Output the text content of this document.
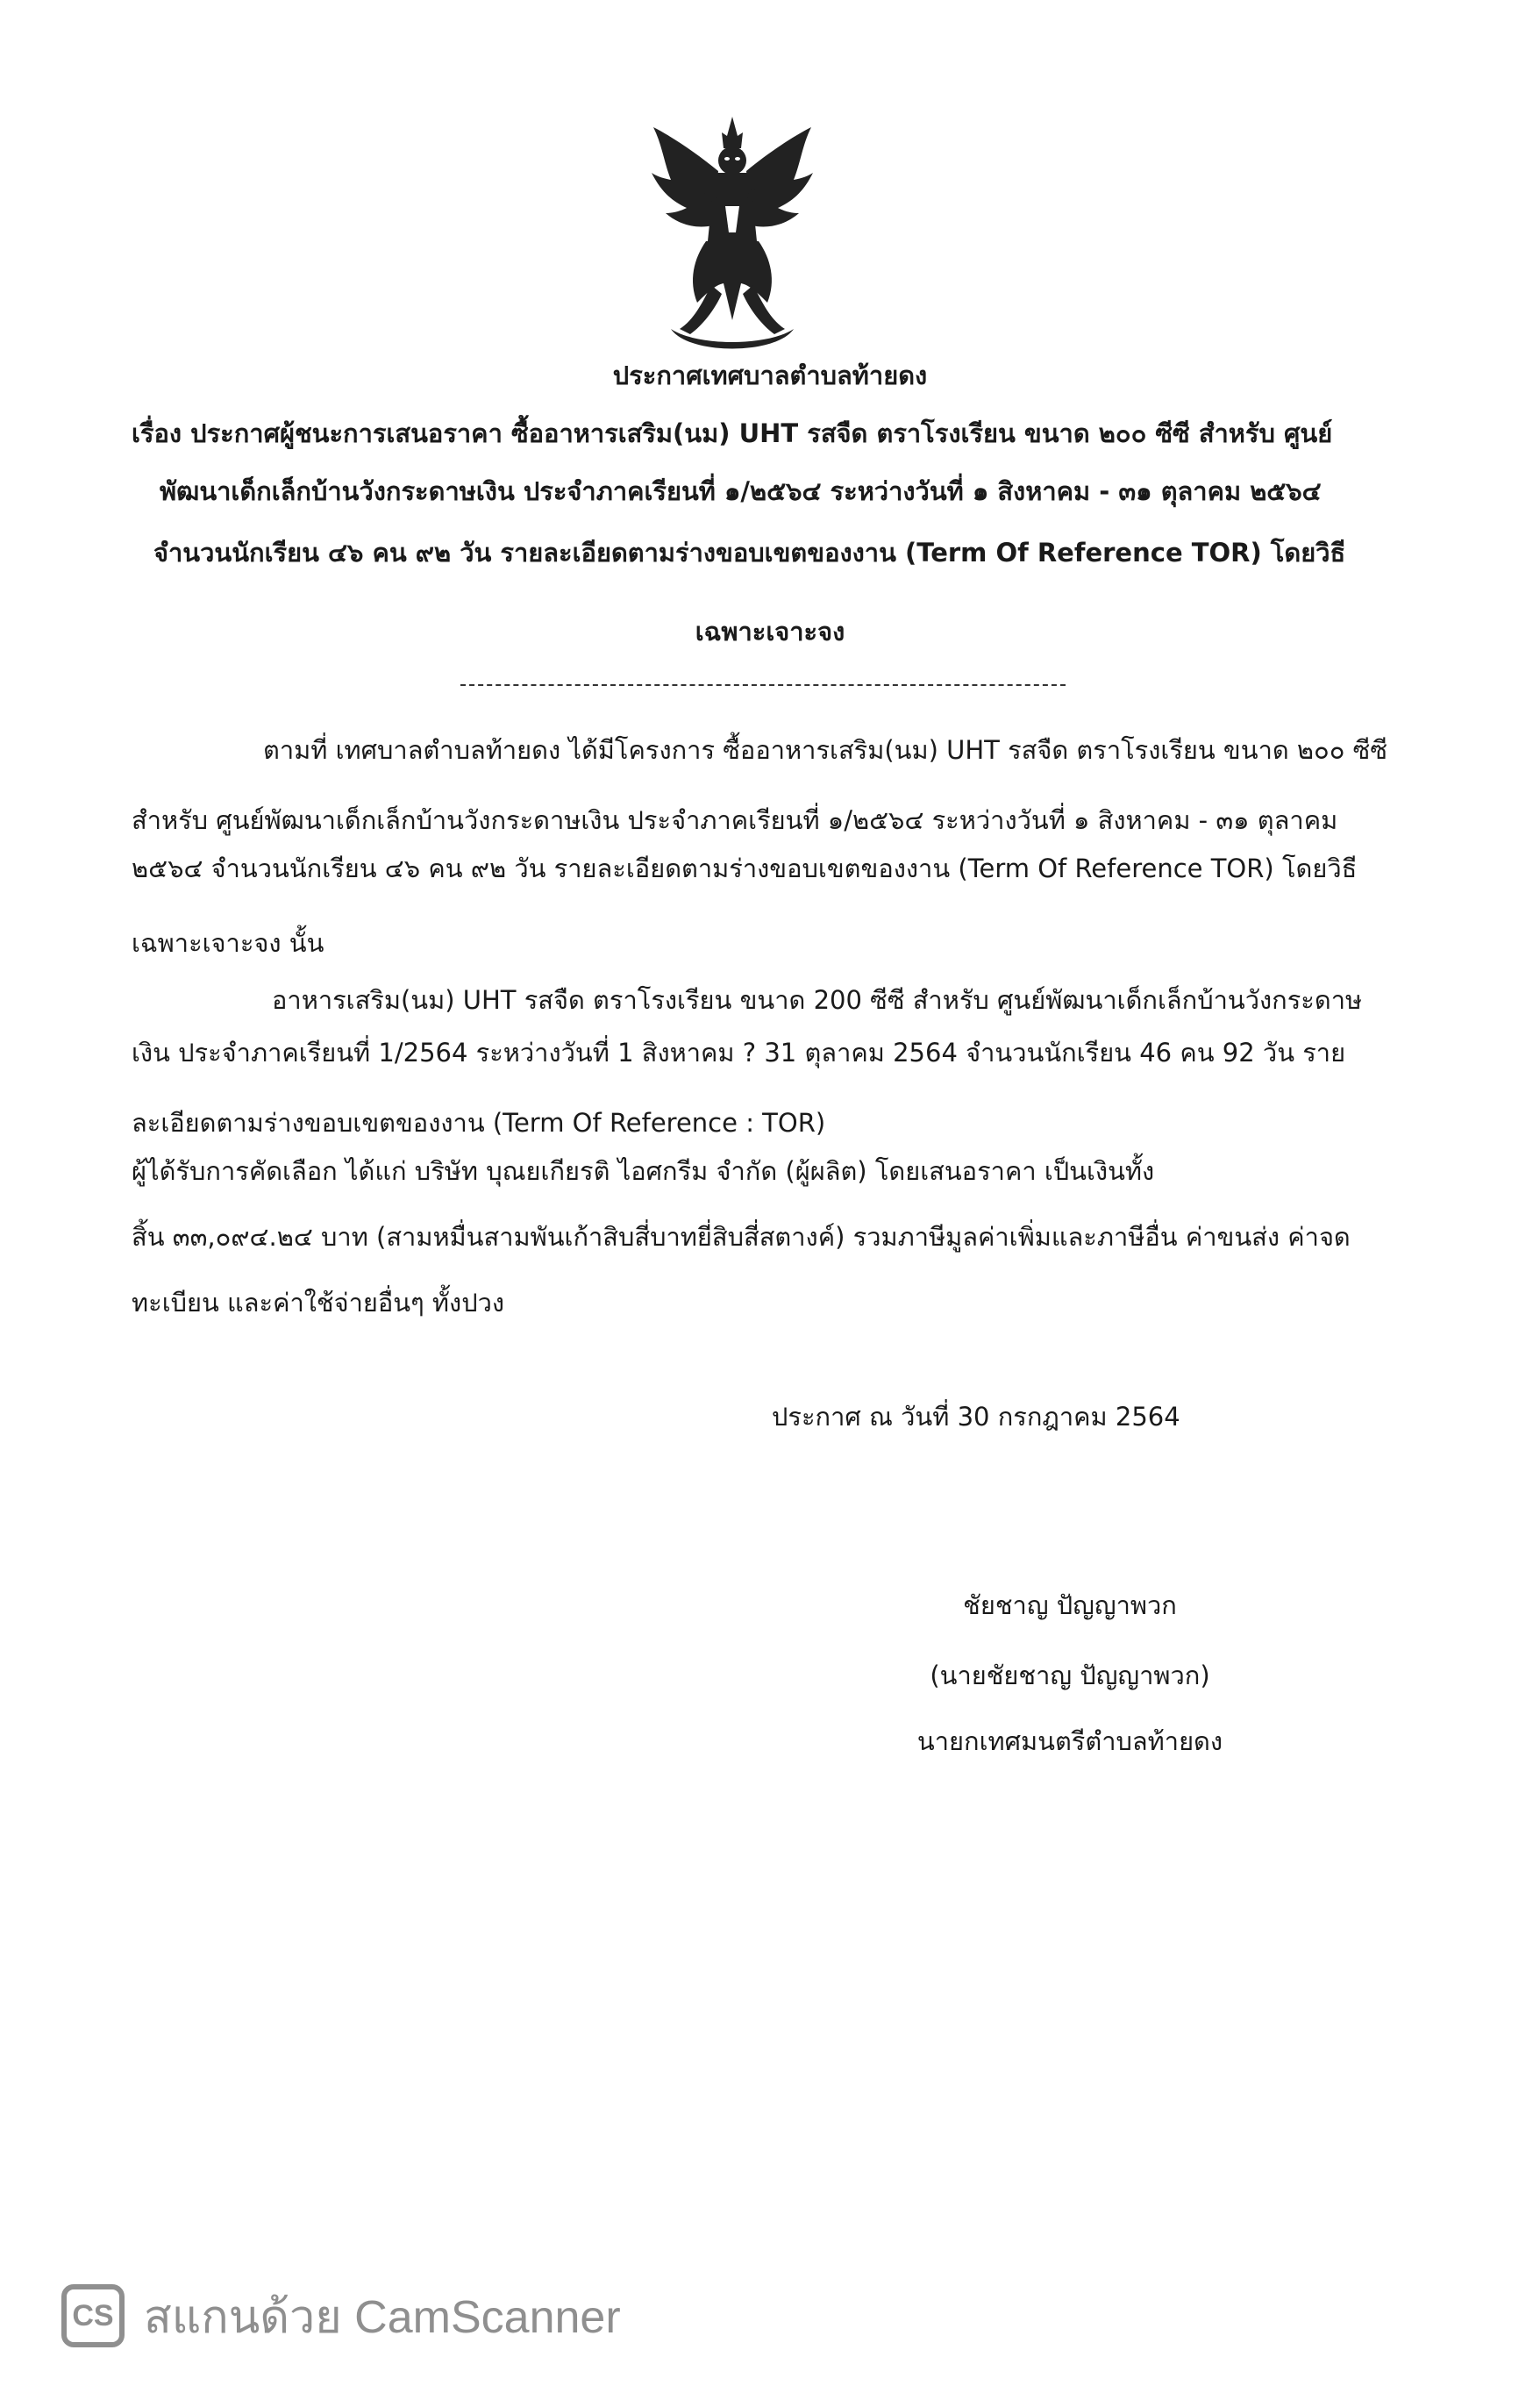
ประกาศเทศบาลตำบลท้ายดง
เรื่อง ประกาศผู้ชนะการเสนอราคา ซื้ออาหารเสริม(นม) UHT รสจืด ตราโรงเรียน ขนาด ๒๐๐ ซีซี สำหรับ ศูนย์
พัฒนาเด็กเล็กบ้านวังกระดาษเงิน ประจำภาคเรียนที่ ๑/๒๕๖๔ ระหว่างวันที่ ๑ สิงหาคม - ๓๑ ตุลาคม ๒๕๖๔
จำนวนนักเรียน ๔๖ คน ๙๒ วัน รายละเอียดตามร่างขอบเขตของงาน (Term Of Reference TOR) โดยวิธี
เฉพาะเจาะจง
ตามที่ เทศบาลตำบลท้ายดง ได้มีโครงการ ซื้ออาหารเสริม(นม) UHT รสจืด ตราโรงเรียน ขนาด ๒๐๐ ซีซี
สำหรับ ศูนย์พัฒนาเด็กเล็กบ้านวังกระดาษเงิน ประจำภาคเรียนที่ ๑/๒๕๖๔ ระหว่างวันที่ ๑ สิงหาคม - ๓๑ ตุลาคม
๒๕๖๔ จำนวนนักเรียน ๔๖ คน ๙๒ วัน รายละเอียดตามร่างขอบเขตของงาน (Term Of Reference TOR) โดยวิธี
เฉพาะเจาะจง นั้น
อาหารเสริม(นม) UHT รสจืด ตราโรงเรียน ขนาด 200 ซีซี สำหรับ ศูนย์พัฒนาเด็กเล็กบ้านวังกระดาษ
เงิน ประจำภาคเรียนที่ 1/2564 ระหว่างวันที่ 1 สิงหาคม ? 31 ตุลาคม 2564 จำนวนนักเรียน 46 คน 92 วัน ราย
ละเอียดตามร่างขอบเขตของงาน (Term Of Reference : TOR)
ผู้ได้รับการคัดเลือก ได้แก่ บริษัท บุณยเกียรติ ไอศกรีม จำกัด (ผู้ผลิต) โดยเสนอราคา เป็นเงินทั้ง
สิ้น ๓๓,๐๙๔.๒๔ บาท (สามหมื่นสามพันเก้าสิบสี่บาทยี่สิบสี่สตางค์) รวมภาษีมูลค่าเพิ่มและภาษีอื่น ค่าขนส่ง ค่าจด
ทะเบียน และค่าใช้จ่ายอื่นๆ ทั้งปวง
ประกาศ ณ วันที่ 30 กรกฎาคม 2564
ชัยชาญ ปัญญาพวก
(นายชัยชาญ ปัญญาพวก)
นายกเทศมนตรีตำบลท้ายดง
CS สแกนด้วย CamScanner
